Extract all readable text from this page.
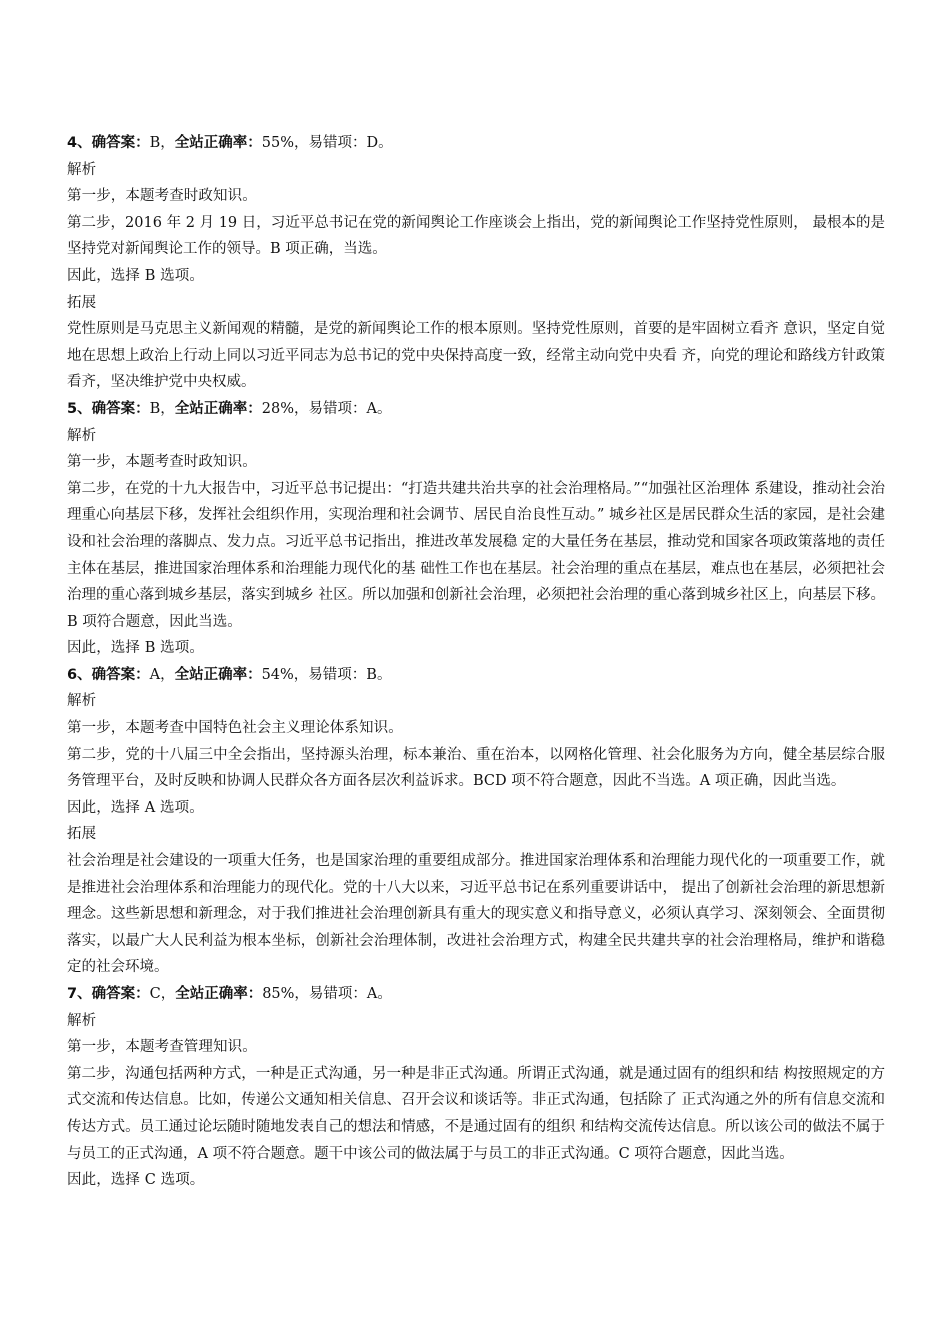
4、确答案：B，全站正确率：55%，易错项：D。
解析
第一步，本题考查时政知识。
第二步，2016 年 2 月 19 日，习近平总书记在党的新闻舆论工作座谈会上指出，党的新闻舆论工作坚持党性原则， 最根本的是坚持党对新闻舆论工作的领导。B 项正确，当选。
因此，选择 B 选项。
拓展
党性原则是马克思主义新闻观的精髓，是党的新闻舆论工作的根本原则。坚持党性原则，首要的是牢固树立看齐 意识，坚定自觉地在思想上政治上行动上同以习近平同志为总书记的党中央保持高度一致，经常主动向党中央看 齐，向党的理论和路线方针政策看齐，坚决维护党中央权威。
5、确答案：B，全站正确率：28%，易错项：A。
解析
第一步，本题考查时政知识。
第二步，在党的十九大报告中，习近平总书记提出：“打造共建共治共享的社会治理格局。”“加强社区治理体 系建设，推动社会治理重心向基层下移，发挥社会组织作用，实现治理和社会调节、居民自治良性互动。” 城乡社区是居民群众生活的家园，是社会建设和社会治理的落脚点、发力点。习近平总书记指出，推进改革发展稳 定的大量任务在基层，推动党和国家各项政策落地的责任主体在基层，推进国家治理体系和治理能力现代化的基 础性工作也在基层。社会治理的重点在基层，难点也在基层，必须把社会治理的重心落到城乡基层，落实到城乡 社区。所以加强和创新社会治理，必须把社会治理的重心落到城乡社区上，向基层下移。B 项符合题意，因此当选。
因此，选择 B 选项。
6、确答案：A，全站正确率：54%，易错项：B。
解析
第一步，本题考查中国特色社会主义理论体系知识。
第二步，党的十八届三中全会指出，坚持源头治理，标本兼治、重在治本，以网格化管理、社会化服务为方向，健全基层综合服务管理平台，及时反映和协调人民群众各方面各层次利益诉求。BCD 项不符合题意，因此不当选。A 项正确，因此当选。
因此，选择 A 选项。
拓展
社会治理是社会建设的一项重大任务，也是国家治理的重要组成部分。推进国家治理体系和治理能力现代化的一项重要工作，就是推进社会治理体系和治理能力的现代化。党的十八大以来，习近平总书记在系列重要讲话中， 提出了创新社会治理的新思想新理念。这些新思想和新理念，对于我们推进社会治理创新具有重大的现实意义和指导意义，必须认真学习、深刻领会、全面贯彻落实，以最广大人民利益为根本坐标，创新社会治理体制，改进社会治理方式，构建全民共建共享的社会治理格局，维护和谐稳定的社会环境。
7、确答案：C，全站正确率：85%，易错项：A。
解析
第一步，本题考查管理知识。
第二步，沟通包括两种方式，一种是正式沟通，另一种是非正式沟通。所谓正式沟通，就是通过固有的组织和结 构按照规定的方式交流和传达信息。比如，传递公文通知相关信息、召开会议和谈话等。非正式沟通，包括除了 正式沟通之外的所有信息交流和传达方式。员工通过论坛随时随地发表自己的想法和情感，不是通过固有的组织 和结构交流传达信息。所以该公司的做法不属于与员工的正式沟通，A 项不符合题意。题干中该公司的做法属于与员工的非正式沟通。C 项符合题意，因此当选。
因此，选择 C 选项。
